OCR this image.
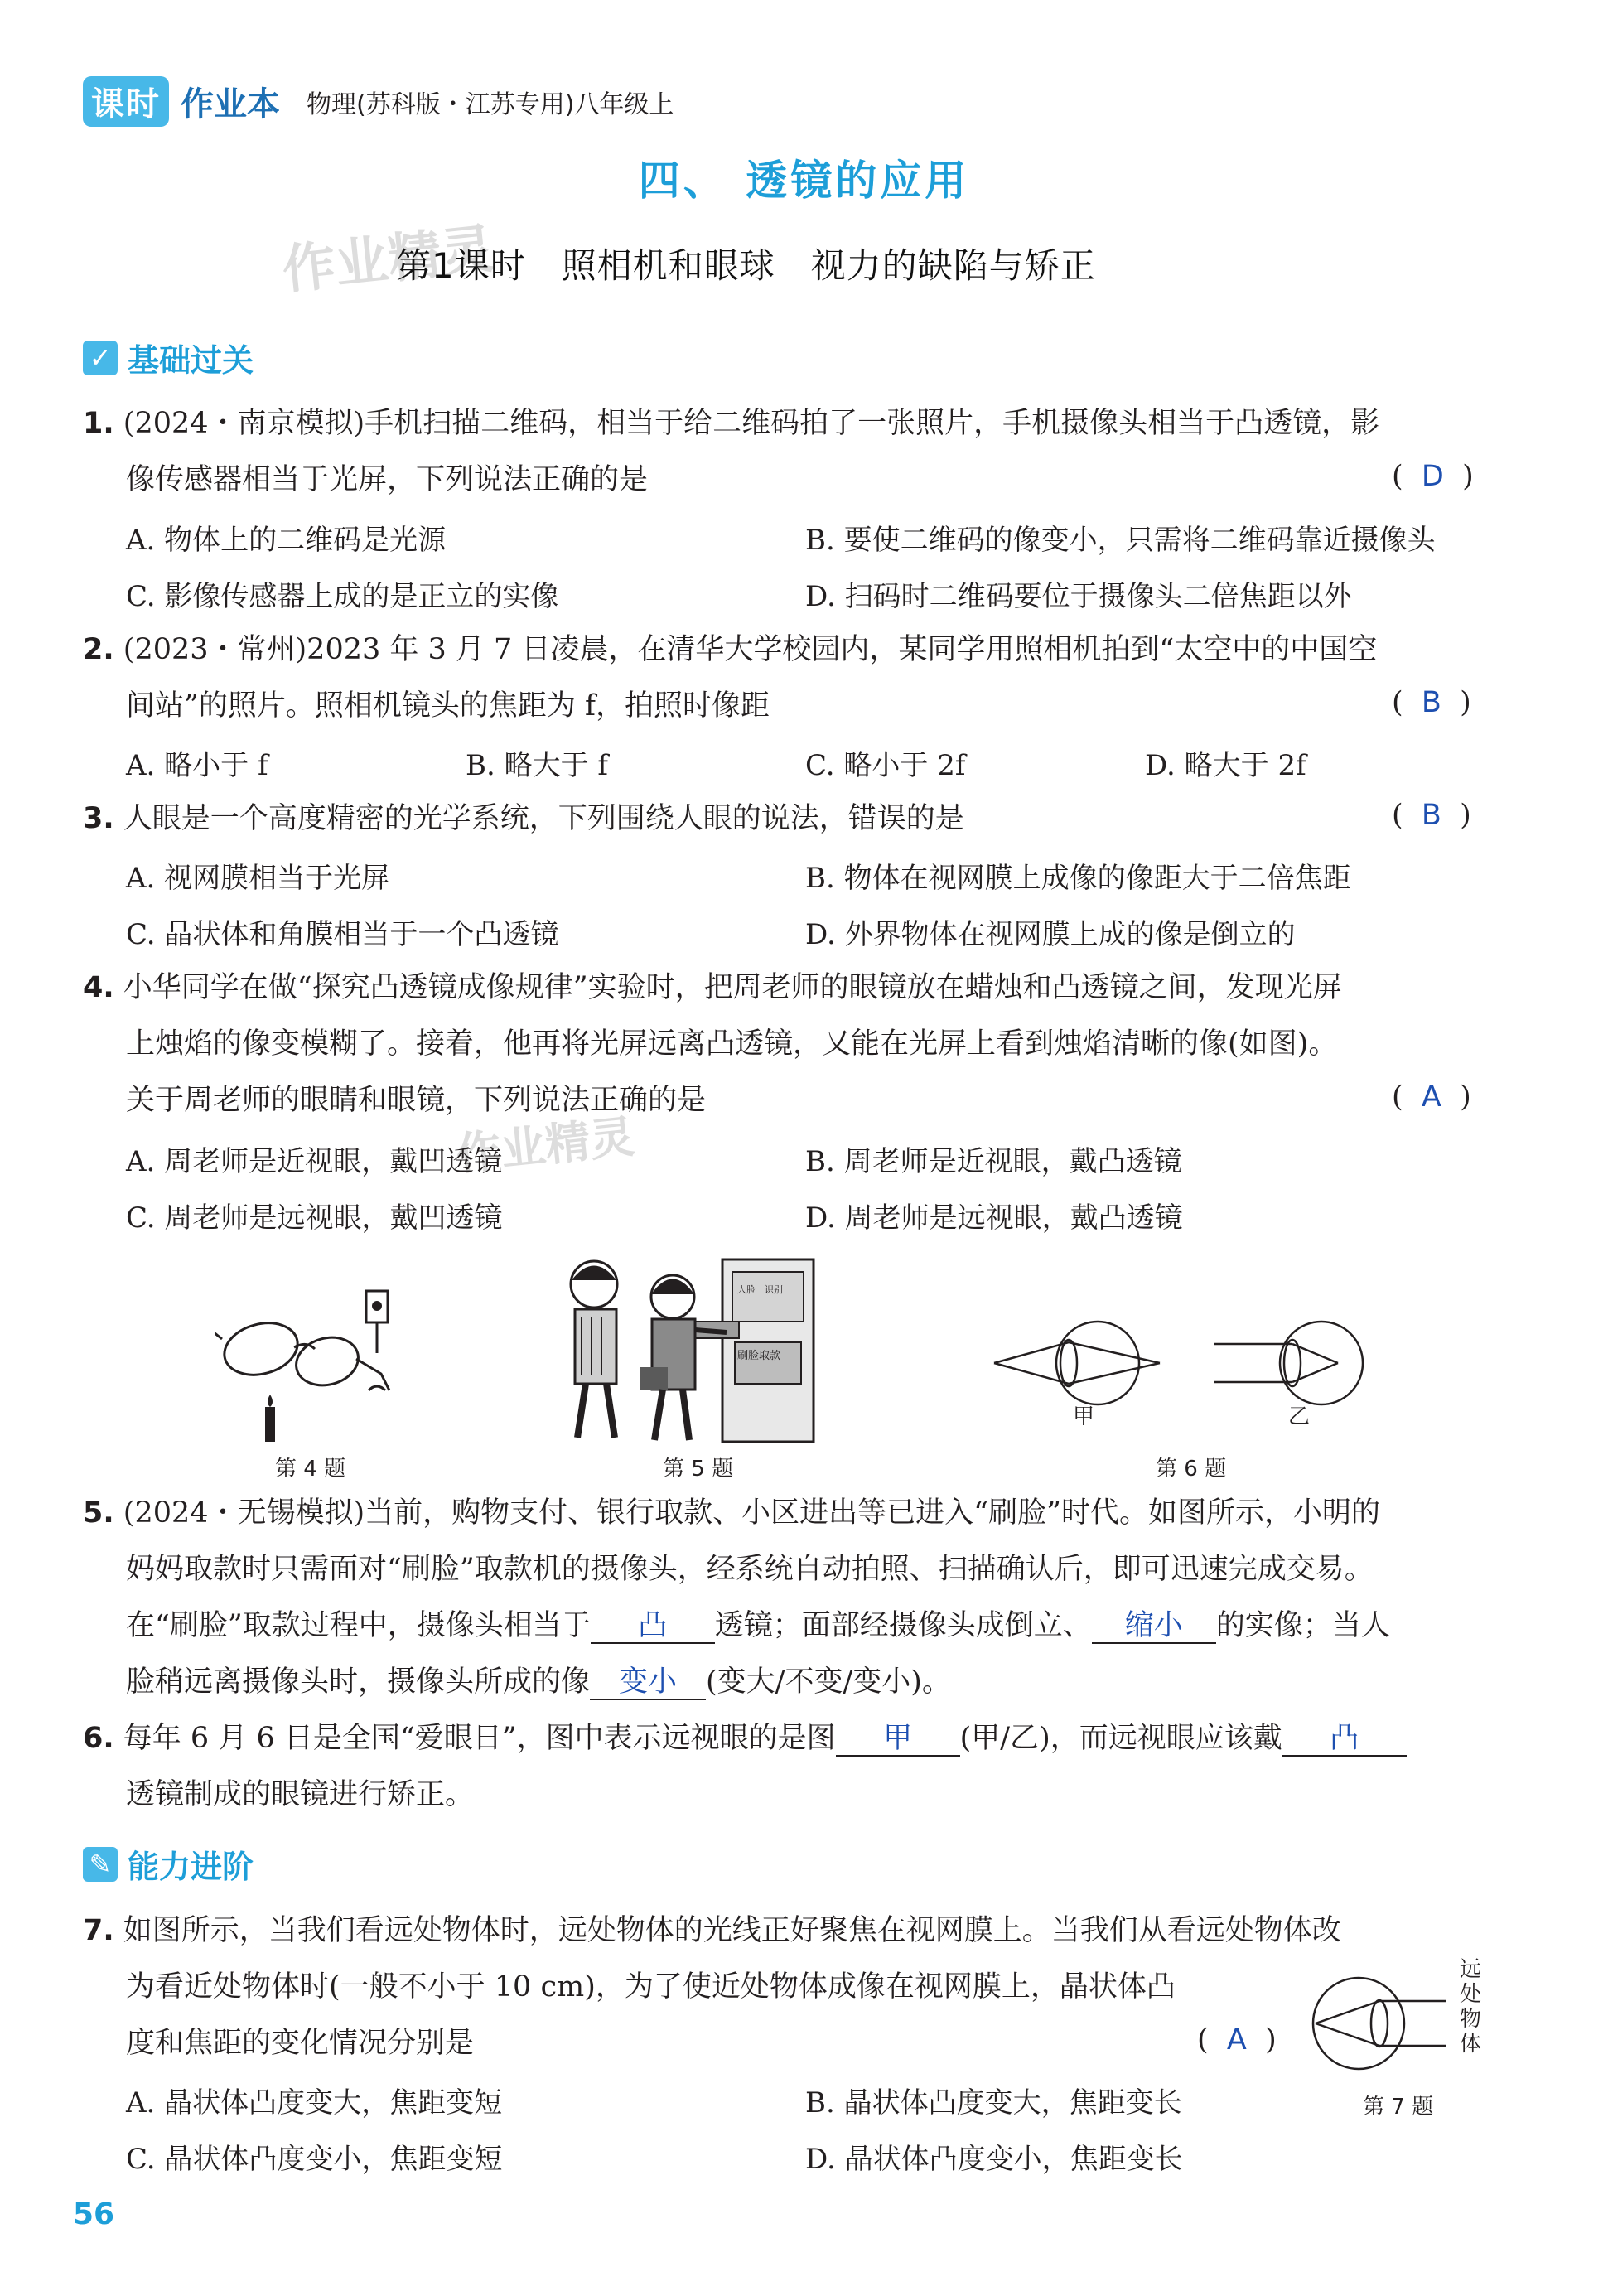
课时 作业本 物理(苏科版・江苏专用)八年级上
四、 透镜的应用
作业精灵
第1课时　照相机和眼球　视力的缺陷与矫正
✓ 基础过关
1. (2024・南京模拟)手机扫描二维码，相当于给二维码拍了一张照片，手机摄像头相当于凸透镜，影
像传感器相当于光屏，下列说法正确的是	(  D  )
A. 物体上的二维码是光源	B. 要使二维码的像变小，只需将二维码靠近摄像头
C. 影像传感器上成的是正立的实像	D. 扫码时二维码要位于摄像头二倍焦距以外
2. (2023・常州)2023 年 3 月 7 日凌晨，在清华大学校园内，某同学用照相机拍到“太空中的中国空
间站”的照片。照相机镜头的焦距为 f，拍照时像距	(  B  )
A. 略小于 f	B. 略大于 f	C. 略小于 2f	D. 略大于 2f
3. 人眼是一个高度精密的光学系统，下列围绕人眼的说法，错误的是	(  B  )
A. 视网膜相当于光屏	B. 物体在视网膜上成像的像距大于二倍焦距
C. 晶状体和角膜相当于一个凸透镜	D. 外界物体在视网膜上成的像是倒立的
4. 小华同学在做“探究凸透镜成像规律”实验时，把周老师的眼镜放在蜡烛和凸透镜之间，发现光屏
上烛焰的像变模糊了。接着，他再将光屏远离凸透镜，又能在光屏上看到烛焰清晰的像(如图)。
关于周老师的眼睛和眼镜，下列说法正确的是	(  A  )
作业精灵
A. 周老师是近视眼，戴凹透镜	B. 周老师是近视眼，戴凸透镜
C. 周老师是远视眼，戴凹透镜	D. 周老师是远视眼，戴凸透镜
第 4 题
人脸　识别
刷脸取款
第 5 题
甲	乙
第 6 题
5. (2024・无锡模拟)当前，购物支付、银行取款、小区进出等已进入“刷脸”时代。如图所示，小明的
妈妈取款时只需面对“刷脸”取款机的摄像头，经系统自动拍照、扫描确认后，即可迅速完成交易。
在“刷脸”取款过程中，摄像头相当于 凸 透镜；面部经摄像头成倒立、 缩小 的实像；当人
脸稍远离摄像头时，摄像头所成的像 变小 (变大/不变/变小)。
6. 每年 6 月 6 日是全国“爱眼日”，图中表示远视眼的是图 甲 (甲/乙)，而远视眼应该戴 凸
透镜制成的眼镜进行矫正。
✎ 能力进阶
7. 如图所示，当我们看远处物体时，远处物体的光线正好聚焦在视网膜上。当我们从看远处物体改
为看近处物体时(一般不小于 10 cm)，为了使近处物体成像在视网膜上，晶状体凸
度和焦距的变化情况分别是	(  A  )
A. 晶状体凸度变大，焦距变短	B. 晶状体凸度变大，焦距变长
C. 晶状体凸度变小，焦距变短	D. 晶状体凸度变小，焦距变长
远处物体
第 7 题
56
